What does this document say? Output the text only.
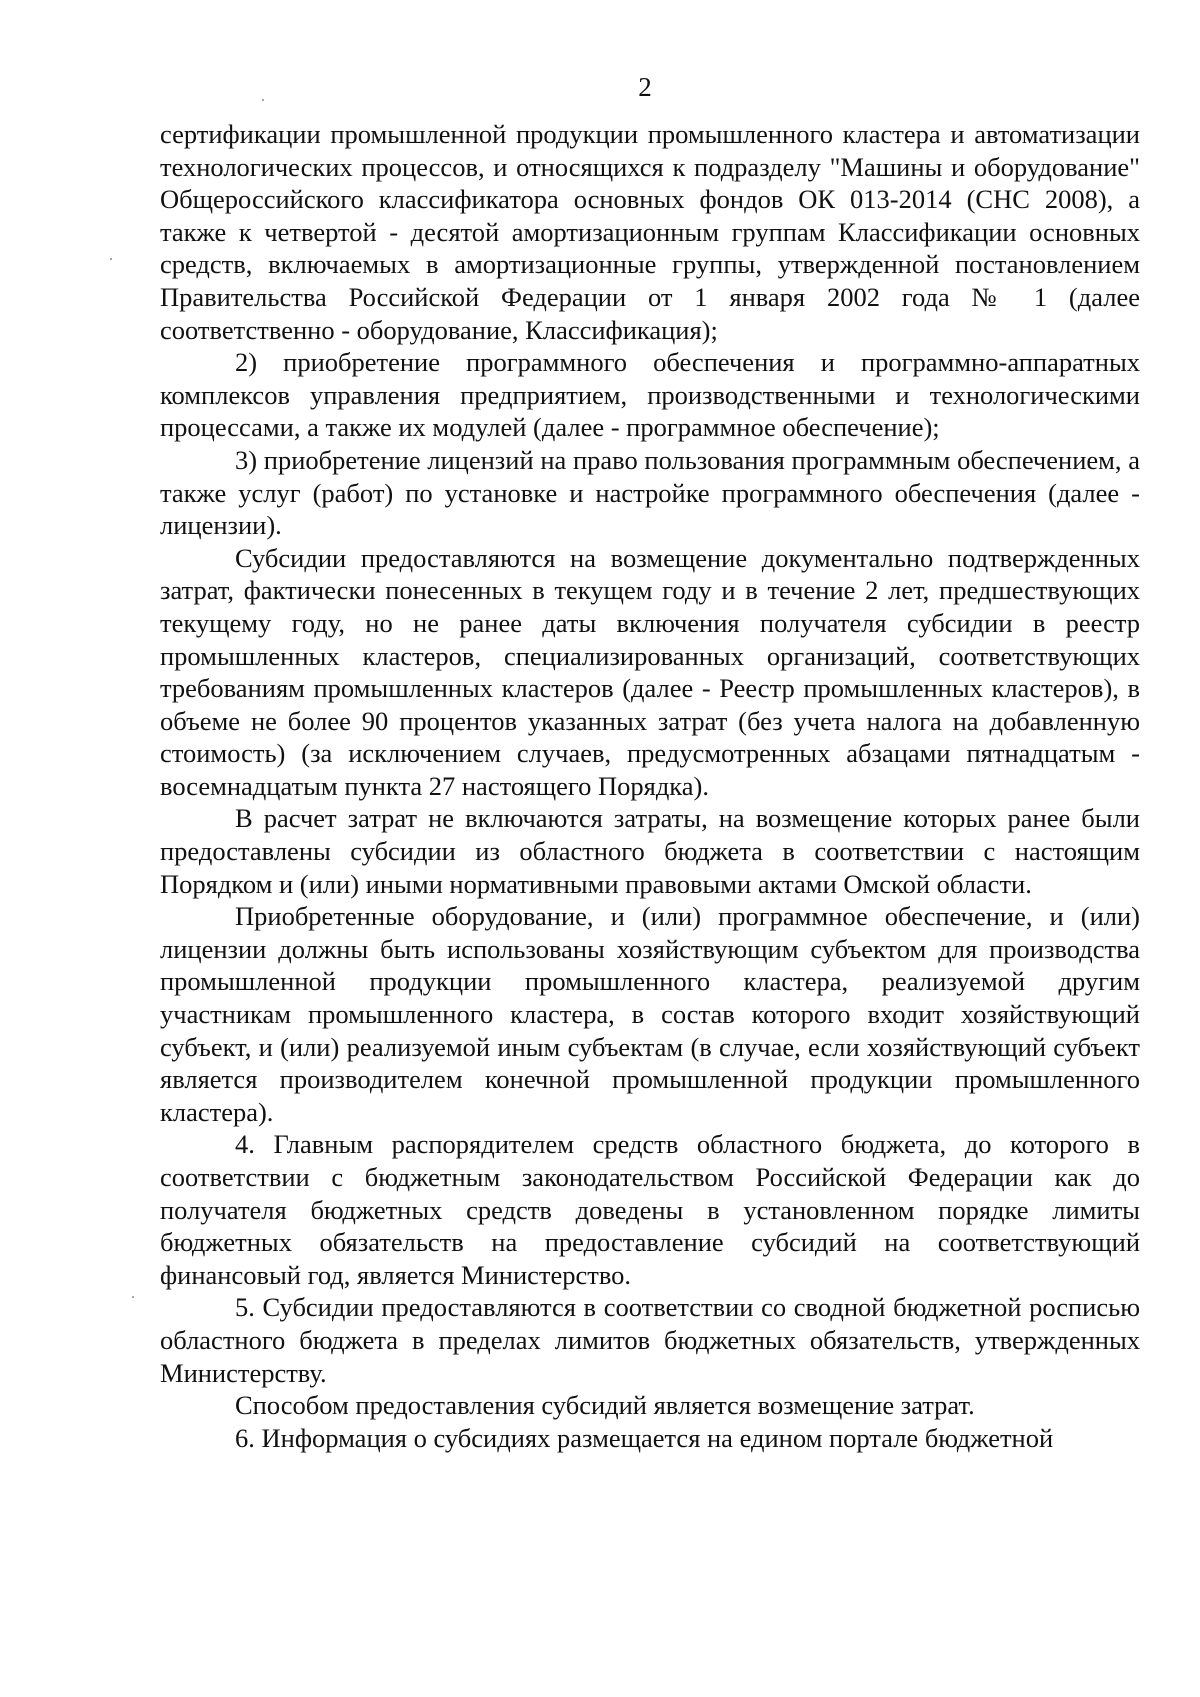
2

сертификации промышленной продукции промышленного кластера и автоматизации технологических процессов, и относящихся к подразделу "Машины и оборудование" Общероссийского классификатора основных фондов ОК 013-2014 (СНС 2008), а также к четвертой - десятой амортизационным группам Классификации основных средств, включаемых в амортизационные группы, утвержденной постановлением Правительства Российской Федерации от 1 января 2002 года № 1 (далее соответственно - оборудование, Классификация);

2) приобретение программного обеспечения и программно-аппаратных комплексов управления предприятием, производственными и технологическими процессами, а также их модулей (далее - программное обеспечение);

3) приобретение лицензий на право пользования программным обеспечением, а также услуг (работ) по установке и настройке программного обеспечения (далее - лицензии).

Субсидии предоставляются на возмещение документально подтвержденных затрат, фактически понесенных в текущем году и в течение 2 лет, предшествующих текущему году, но не ранее даты включения получателя субсидии в реестр промышленных кластеров, специализированных организаций, соответствующих требованиям промышленных кластеров (далее - Реестр промышленных кластеров), в объеме не более 90 процентов указанных затрат (без учета налога на добавленную стоимость) (за исключением случаев, предусмотренных абзацами пятнадцатым - восемнадцатым пункта 27 настоящего Порядка).

В расчет затрат не включаются затраты, на возмещение которых ранее были предоставлены субсидии из областного бюджета в соответствии с настоящим Порядком и (или) иными нормативными правовыми актами Омской области.

Приобретенные оборудование, и (или) программное обеспечение, и (или) лицензии должны быть использованы хозяйствующим субъектом для производства промышленной продукции промышленного кластера, реализуемой другим участникам промышленного кластера, в состав которого входит хозяйствующий субъект, и (или) реализуемой иным субъектам (в случае, если хозяйствующий субъект является производителем конечной промышленной продукции промышленного кластера).

4. Главным распорядителем средств областного бюджета, до которого в соответствии с бюджетным законодательством Российской Федерации как до получателя бюджетных средств доведены в установленном порядке лимиты бюджетных обязательств на предоставление субсидий на соответствующий финансовый год, является Министерство.

5. Субсидии предоставляются в соответствии со сводной бюджетной росписью областного бюджета в пределах лимитов бюджетных обязательств, утвержденных Министерству.

Способом предоставления субсидий является возмещение затрат.

6. Информация о субсидиях размещается на едином портале бюджетной
